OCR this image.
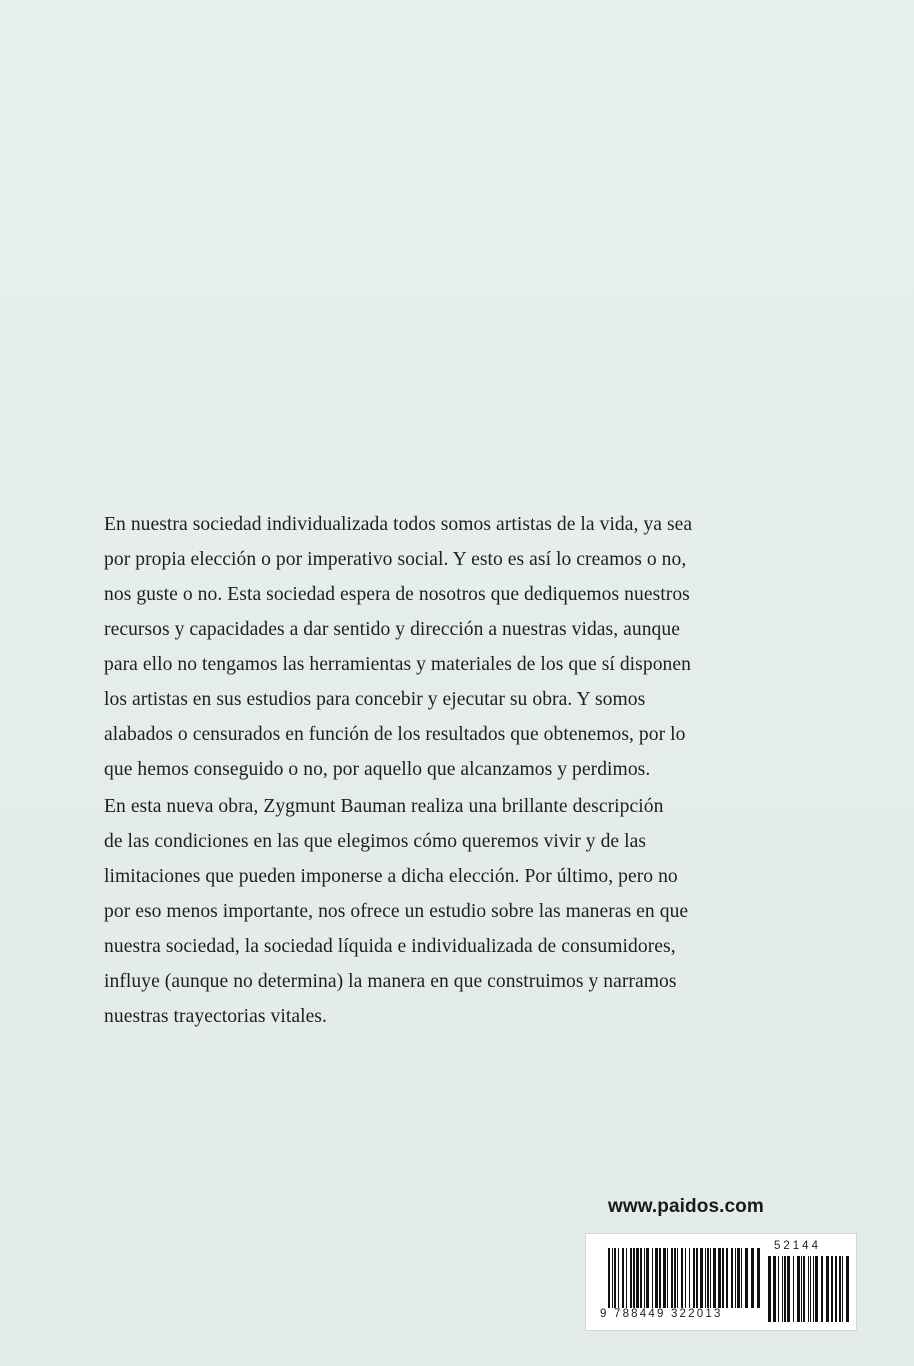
En nuestra sociedad individualizada todos somos artistas de la vida, ya sea
por propia elección o por imperativo social. Y esto es así lo creamos o no,
nos guste o no. Esta sociedad espera de nosotros que dediquemos nuestros
recursos y capacidades a dar sentido y dirección a nuestras vidas, aunque
para ello no tengamos las herramientas y materiales de los que sí disponen
los artistas en sus estudios para concebir y ejecutar su obra. Y somos
alabados o censurados en función de los resultados que obtenemos, por lo
que hemos conseguido o no, por aquello que alcanzamos y perdimos.

En esta nueva obra, Zygmunt Bauman realiza una brillante descripción
de las condiciones en las que elegimos cómo queremos vivir y de las
limitaciones que pueden imponerse a dicha elección. Por último, pero no
por eso menos importante, nos ofrece un estudio sobre las maneras en que
nuestra sociedad, la sociedad líquida e individualizada de consumidores,
influye (aunque no determina) la manera en que construimos y narramos
nuestras trayectorias vitales.

www.paidos.com
9 788449 322013
52144
